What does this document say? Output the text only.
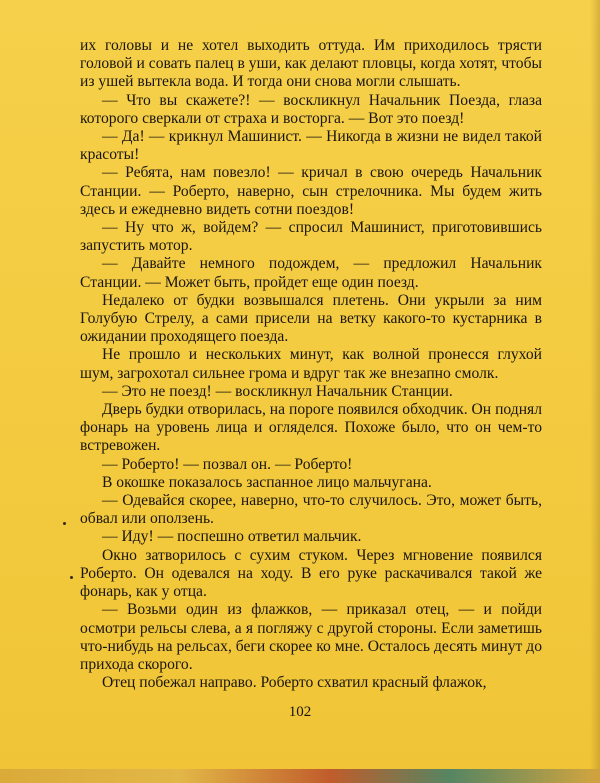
их головы и не хотел выходить оттуда. Им приходилось трясти головой и совать палец в уши, как делают пловцы, когда хотят, чтобы из ушей вытекла вода. И тогда они снова могли слышать.

— Что вы скажете?! — воскликнул Начальник Поезда, глаза которого сверкали от страха и восторга. — Вот это поезд!

— Да! — крикнул Машинист. — Никогда в жизни не видел такой красоты!

— Ребята, нам повезло! — кричал в свою очередь Начальник Станции. — Роберто, наверно, сын стрелочника. Мы будем жить здесь и ежедневно видеть сотни поездов!

— Ну что ж, войдем? — спросил Машинист, приготовившись запустить мотор.

— Давайте немного подождем, — предложил Начальник Станции. — Может быть, пройдет еще один поезд.

Недалеко от будки возвышался плетень. Они укрыли за ним Голубую Стрелу, а сами присели на ветку какого-то кустарника в ожидании проходящего поезда.

Не прошло и нескольких минут, как волной пронесся глухой шум, загрохотал сильнее грома и вдруг так же внезапно смолк.

— Это не поезд! — воскликнул Начальник Станции.

Дверь будки отворилась, на пороге появился обходчик. Он поднял фонарь на уровень лица и огляделся. Похоже было, что он чем-то встревожен.

— Роберто! — позвал он. — Роберто!

В окошке показалось заспанное лицо мальчугана.

— Одевайся скорее, наверно, что-то случилось. Это, может быть, обвал или оползень.

— Иду! — поспешно ответил мальчик.

Окно затворилось с сухим стуком. Через мгновение появился Роберто. Он одевался на ходу. В его руке раскачивался такой же фонарь, как у отца.

— Возьми один из флажков, — приказал отец, — и пойди осмотри рельсы слева, а я погляжу с другой стороны. Если заметишь что-нибудь на рельсах, беги скорее ко мне. Осталось десять минут до прихода скорого.

Отец побежал направо. Роберто схватил красный флажок,

102
